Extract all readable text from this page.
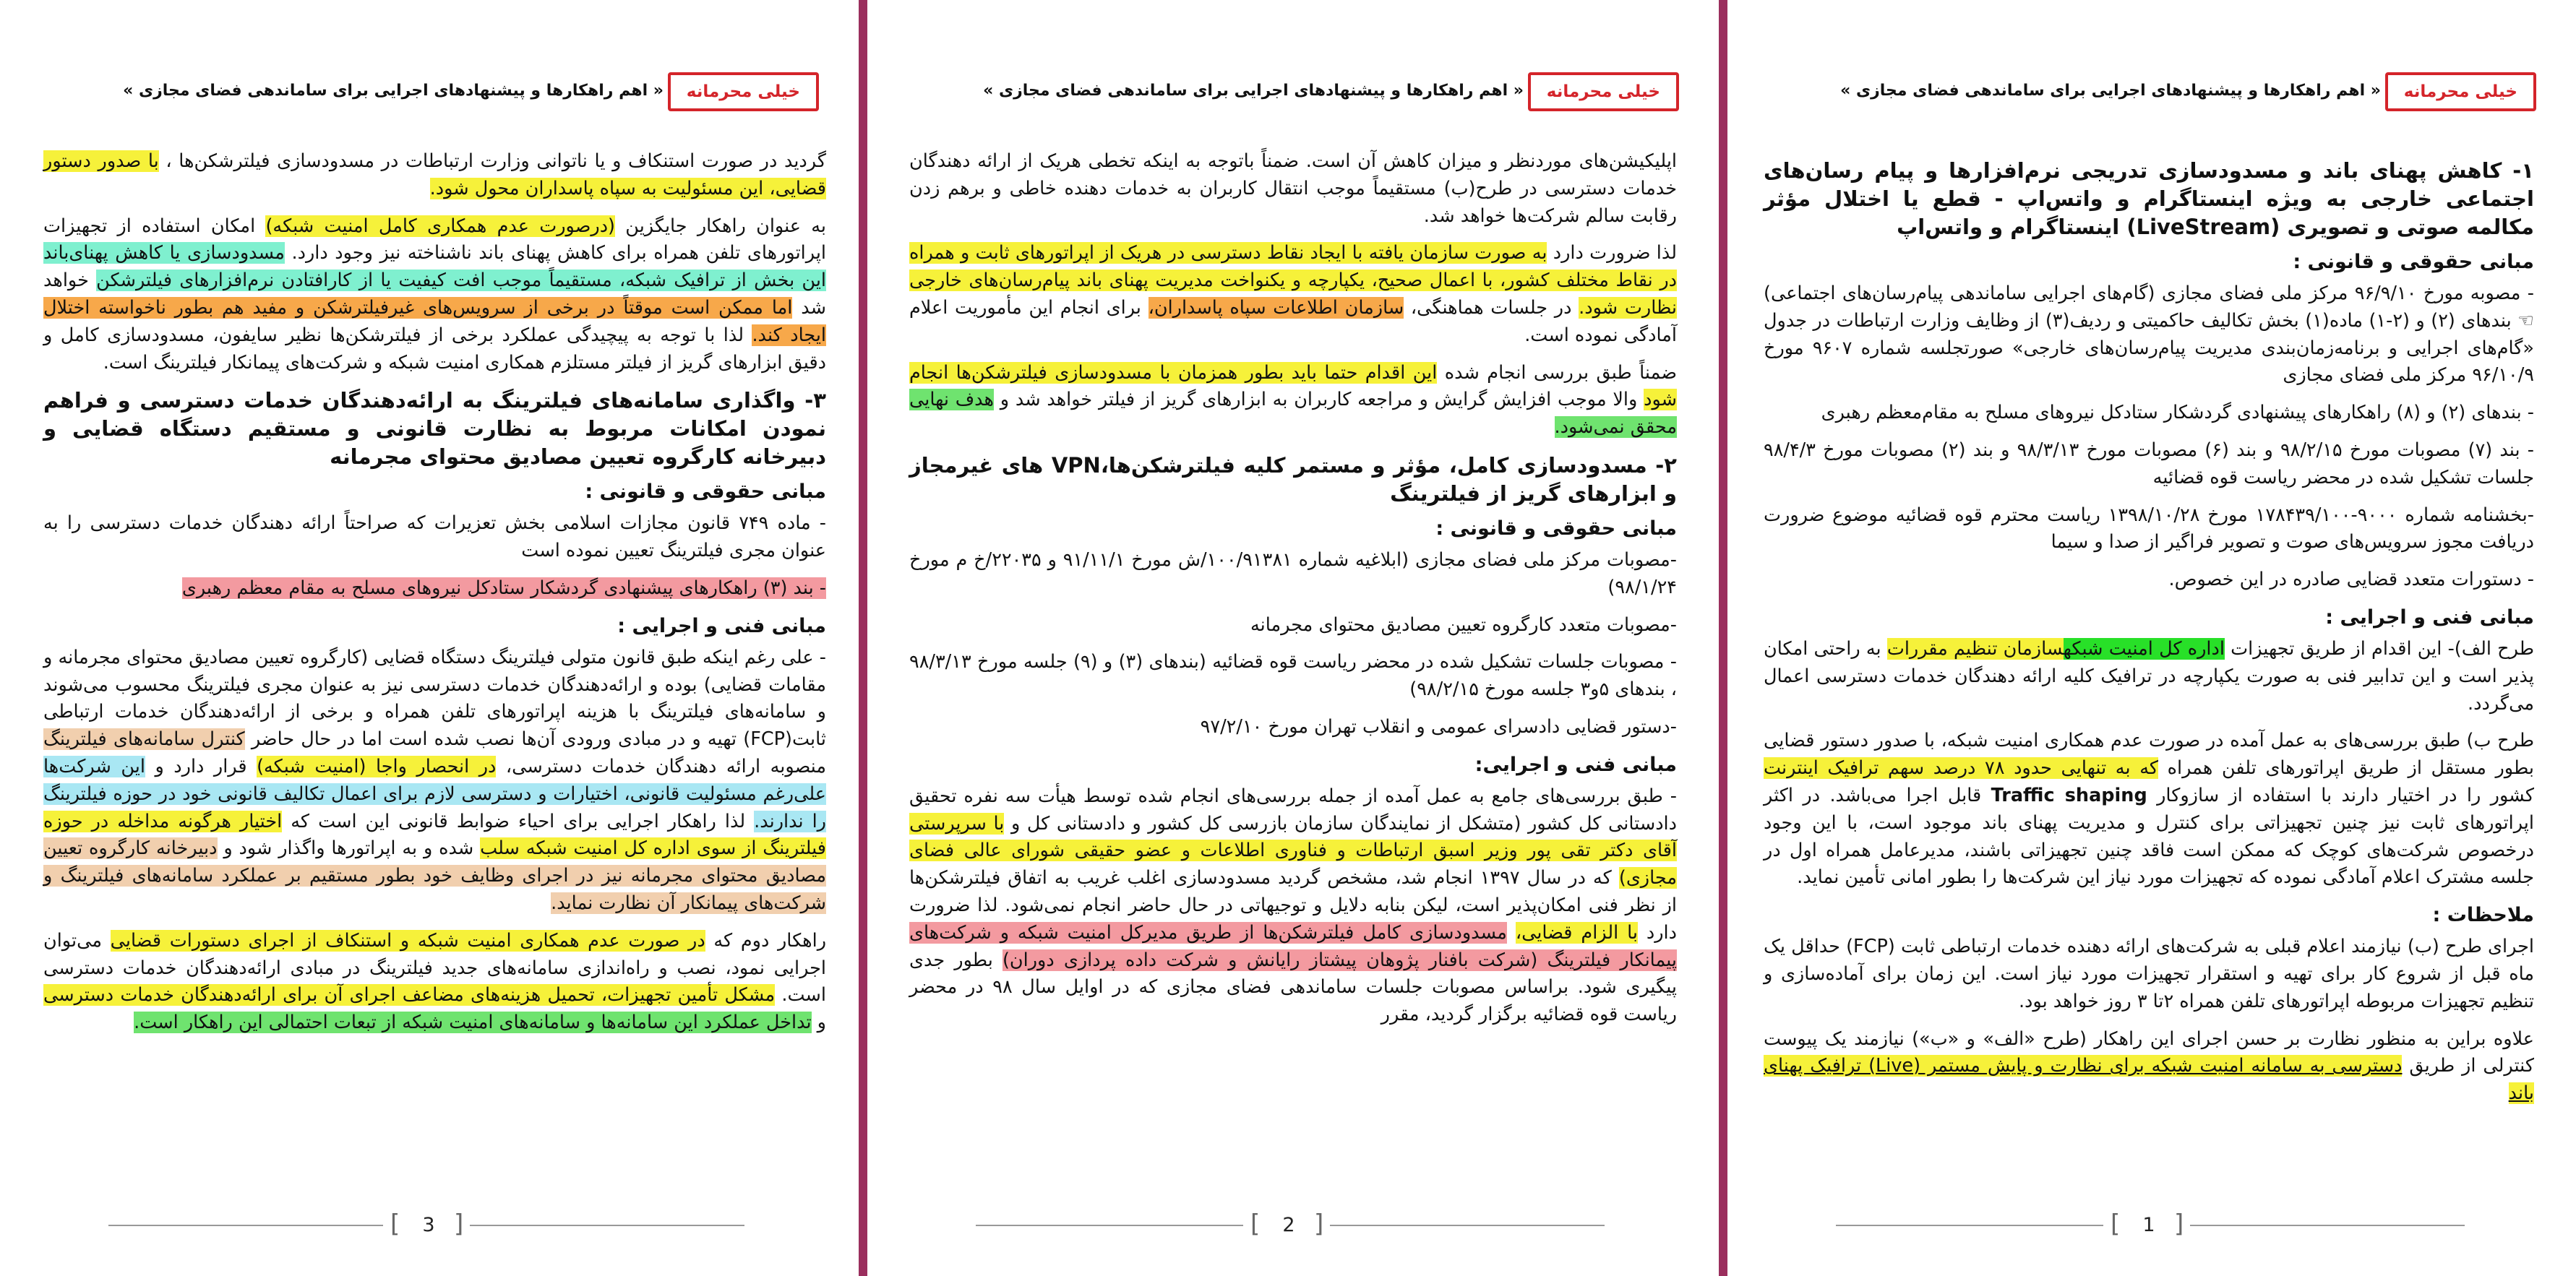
خیلی محرمانه
« اهم راهکارها و پیشنهادهای اجرایی برای ساماندهی فضای مجازی »
۱- کاهش پهنای باند و مسدودسازی تدریجی نرم‌افزارها و پیام رسان‌های اجتماعی خارجی به ویژه اینستاگرام و واتس‌اپ - قطع یا اختلال مؤثر مکالمه صوتی و تصویری (LiveStream) اینستاگرام و واتس‌اپ
مبانی حقوقی و قانونی :

- مصوبه مورخ ۹۶/۹/۱۰ مرکز ملی فضای مجازی (گام‌های اجرایی ساماندهی پیام‌رسان‌های اجتماعی) ☜ بندهای (۲) و (۲-۱) ماده(۱) بخش تکالیف حاکمیتی و ردیف(۳) از وظایف وزارت ارتباطات در جدول «گام‌های اجرایی و برنامه‌زمان‌بندی مدیریت پیام‌رسان‌های خارجی» صورتجلسه شماره ۹۶۰۷ مورخ ۹۶/۱۰/۹ مرکز ملی فضای مجازی

- بندهای (۲) و (۸) راهکارهای پیشنهادی گردشکار ستادکل نیروهای مسلح به مقام‌معظم رهبری

- بند (۷) مصوبات مورخ ۹۸/۲/۱۵ و بند (۶) مصوبات مورخ ۹۸/۳/۱۳ و بند (۲) مصوبات مورخ ۹۸/۴/۳ جلسات تشکیل شده در محضر ریاست قوه قضائیه

-بخشنامه شماره ۹۰۰۰-۱۷۸۴۳۹/۱۰۰ مورخ ۱۳۹۸/۱۰/۲۸ ریاست محترم قوه قضائیه موضوع ضرورت دریافت مجوز سرویس‌های صوت و تصویر فراگیر از صدا و سیما

- دستورات متعدد قضایی صادره در این خصوص.

مبانی فنی و اجرایی :

طرح الف)- این اقدام از طریق تجهیزات اداره کل امنیت شبکهسازمان تنظیم مقررات به راحتی امکان پذیر است و این تدابیر فنی به صورت یکپارچه در ترافیک کلیه ارائه دهندگان خدمات دسترسی اعمال می‌گردد.

طرح ب) طبق بررسی‌های به عمل آمده در صورت عدم همکاری امنیت شبکه، با صدور دستور قضایی بطور مستقل از طریق اپراتورهای تلفن همراه که به تنهایی حدود ۷۸ درصد سهم ترافیک اینترنت کشور را در اختیار دارند با استفاده از سازوکار Traffic shaping قابل اجرا می‌باشد. در اکثر اپراتورهای ثابت نیز چنین تجهیزاتی برای کنترل و مدیریت پهنای باند موجود است، با این وجود درخصوص شرکت‌های کوچک که ممکن است فاقد چنین تجهیزاتی باشند، مدیرعامل همراه اول در جلسه مشترک اعلام آمادگی نموده که تجهیزات مورد نیاز این شرکت‌ها را بطور امانی تأمین نماید.

ملاحظات :

اجرای طرح (ب) نیازمند اعلام قبلی به شرکت‌های ارائه دهنده خدمات ارتباطی ثابت (FCP) حداقل یک ماه قبل از شروع کار برای تهیه و استقرار تجهیزات مورد نیاز است. این زمان برای آماده‌سازی و تنظیم تجهیزات مربوطه اپراتورهای تلفن همراه ۲تا ۳ روز خواهد بود.

علاوه براین به منظور نظارت بر حسن اجرای این راهکار (طرح «الف» و «ب») نیازمند یک پیوست کنترلی از طریق دسترسی به سامانه امنیت شبکه برای نظارت و پایش مستمر (Live) ترافیک پهنای باند

[ 1 ]
خیلی محرمانه
« اهم راهکارها و پیشنهادهای اجرایی برای ساماندهی فضای مجازی »

اپلیکیشن‌های موردنظر و میزان کاهش آن است. ضمناً باتوجه به اینکه تخطی هریک از ارائه دهندگان خدمات دسترسی در طرح(ب) مستقیماً موجب انتقال کاربران به خدمات دهنده خاطی و برهم زدن رقابت سالم شرکت‌ها خواهد شد.

لذا ضرورت دارد به صورت سازمان یافته با ایجاد نقاط دسترسی در هریک از اپراتورهای ثابت و همراه در نقاط مختلف کشور، با اعمال صحیح، یکپارچه و یکنواخت مدیریت پهنای باند پیام‌رسان‌های خارجی نظارت شود. در جلسات هماهنگی، سازمان اطلاعات سپاه پاسداران، برای انجام این مأموریت اعلام آمادگی نموده است.

ضمناً طبق بررسی انجام شده این اقدام حتما باید بطور همزمان با مسدودسازی فیلترشکن‌ها انجام شود والا موجب افزایش گرایش و مراجعه کاربران به ابزارهای گریز از فیلتر خواهد شد و هدف نهایی محقق نمی‌شود.

۲- مسدودسازی کامل، مؤثر و مستمر کلیه فیلترشکن‌ها،VPN های غیرمجاز و ابزارهای گریز از فیلترینگ
مبانی حقوقی و قانونی :

-مصوبات مرکز ملی فضای مجازی (ابلاغیه شماره ۱۰۰/۹۱۳۸۱/ش مورخ ۹۱/۱۱/۱ و ۲۲۰۳۵/خ م مورخ ۹۸/۱/۲۴)

-مصوبات متعدد کارگروه تعیین مصادیق محتوای مجرمانه

- مصوبات جلسات تشکیل شده در محضر ریاست قوه قضائیه (بندهای (۳) و (۹) جلسه مورخ ۹۸/۳/۱۳ ، بندهای ۵و۳ جلسه مورخ ۹۸/۲/۱۵)

-دستور قضایی دادسرای عمومی و انقلاب تهران مورخ ۹۷/۲/۱۰

مبانی فنی و اجرایی:

- طبق بررسی‌های جامع به عمل آمده از جمله بررسی‌های انجام شده توسط هیأت سه نفره تحقیق دادستانی کل کشور (متشکل از نمایندگان سازمان بازرسی کل کشور و دادستانی کل و با سرپرستی آقای دکتر تقی پور وزیر اسبق ارتباطات و فناوری اطلاعات و عضو حقیقی شورای عالی فضای مجازی) که در سال ۱۳۹۷ انجام شد، مشخص گردید مسدودسازی اغلب غریب به اتفاق فیلترشکن‌ها از نظر فنی امکان‌پذیر است، لیکن بنابه دلایل و توجیهاتی در حال حاضر انجام نمی‌شود. لذا ضرورت دارد با الزام قضایی، مسدودسازی کامل فیلترشکن‌ها از طریق مدیرکل امنیت شبکه و شرکت‌های پیمانکار فیلترینگ (شرکت بافنار پژوهان پیشتاز رایانش و شرکت داده پردازی دوران) بطور جدی پیگیری شود. براساس مصوبات جلسات ساماندهی فضای مجازی که در اوایل سال ۹۸ در محضر ریاست قوه قضائیه برگزار گردید، مقرر

[ 2 ]
خیلی محرمانه
« اهم راهکارها و پیشنهادهای اجرایی برای ساماندهی فضای مجازی »

گردید در صورت استنکاف و یا ناتوانی وزارت ارتباطات در مسدودسازی فیلترشکن‌ها ، با صدور دستور قضایی، این مسئولیت به سپاه پاسداران محول شود.

به عنوان راهکار جایگزین (درصورت عدم همکاری کامل امنیت شبکه) امکان استفاده از تجهیزات اپراتورهای تلفن همراه برای کاهش پهنای باند ناشناخته نیز وجود دارد. مسدودسازی یا کاهش پهنای‌باند این بخش از ترافیک شبکه، مستقیماً موجب افت کیفیت یا از کارافتادن نرم‌افزارهای فیلترشکن خواهد شد اما ممکن است موقتاً در برخی از سرویس‌های غیرفیلترشکن و مفید هم بطور ناخواسته اختلال ایجاد کند. لذا با توجه به پیچیدگی عملکرد برخی از فیلترشکن‌ها نظیر سایفون، مسدودسازی کامل و دقیق ابزارهای گریز از فیلتر مستلزم همکاری امنیت شبکه و شرکت‌های پیمانکار فیلترینگ است.

۳- واگذاری سامانه‌های فیلترینگ به ارائه‌دهندگان خدمات دسترسی و فراهم نمودن امکانات مربوط به نظارت قانونی و مستقیم دستگاه قضایی و دبیرخانه کارگروه تعیین مصادیق محتوای مجرمانه
مبانی حقوقی و قانونی :

- ماده ۷۴۹ قانون مجازات اسلامی بخش تعزیرات که صراحتاً ارائه دهندگان خدمات دسترسی را به عنوان مجری فیلترینگ تعیین نموده است

- بند (۳) راهکارهای پیشنهادی گردشکار ستادکل نیروهای مسلح به مقام معظم رهبری

مبانی فنی و اجرایی :

- علی رغم اینکه طبق قانون متولی فیلترینگ دستگاه قضایی (کارگروه تعیین مصادیق محتوای مجرمانه و مقامات قضایی) بوده و ارائه‌دهندگان خدمات دسترسی نیز به عنوان مجری فیلترینگ محسوب می‌شوند و سامانه‌های فیلترینگ با هزینه اپراتورهای تلفن همراه و برخی از ارائه‌دهندگان خدمات ارتباطی ثابت(FCP) تهیه و در مبادی ورودی آن‌ها نصب شده است اما در حال حاضر کنترل سامانه‌های فیلترینگ منصوبه ارائه دهندگان خدمات دسترسی، در انحصار واجا (امنیت شبکه) قرار دارد و این شرکت‌ها علی‌رغم مسئولیت قانونی، اختیارات و دسترسی لازم برای اعمال تکالیف قانونی خود در حوزه فیلترینگ را ندارند. لذا راهکار اجرایی برای احیاء ضوابط قانونی این است که اختیار هرگونه مداخله در حوزه فیلترینگ از سوی اداره کل امنیت شبکه سلب شده و به اپراتورها واگذار شود و دبیرخانه کارگروه تعیین مصادیق محتوای مجرمانه نیز در اجرای وظایف خود بطور مستقیم بر عملکرد سامانه‌های فیلترینگ و شرکت‌های پیمانکار آن نظارت نماید.

راهکار دوم که در صورت عدم همکاری امنیت شبکه و استنکاف از اجرای دستورات قضایی می‌توان اجرایی نمود، نصب و راه‌اندازی سامانه‌های جدید فیلترینگ در مبادی ارائه‌دهندگان خدمات دسترسی است. مشکل تأمین تجهیزات، تحمیل هزینه‌های مضاعف اجرای آن برای ارائه‌دهندگان خدمات دسترسی و تداخل عملکرد این سامانه‌ها و سامانه‌های امنیت شبکه از تبعات احتمالی این راهکار است.

[ 3 ]
